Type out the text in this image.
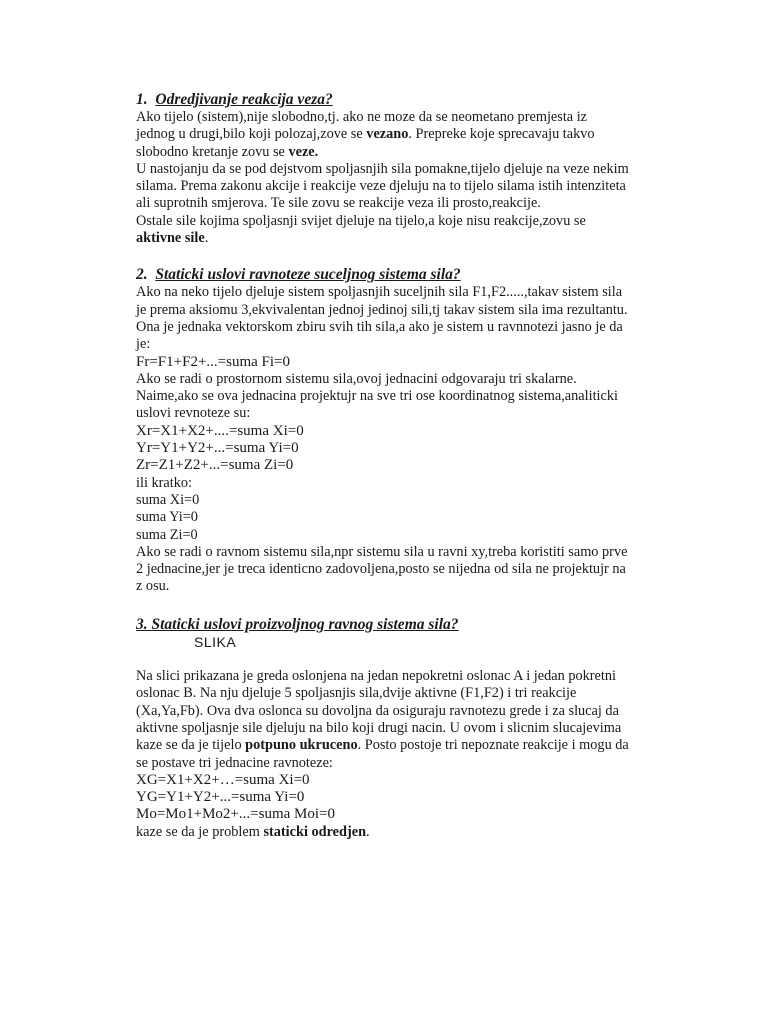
1. Odredjivanje reakcija veza?
Ako tijelo (sistem),nije slobodno,tj. ako ne moze da se neometano premjesta iz
jednog u drugi,bilo koji polozaj,zove se vezano. Prepreke koje sprecavaju takvo
slobodno kretanje zovu se veze.
U nastojanju da se pod dejstvom spoljasnjih sila pomakne,tijelo djeluje na veze nekim
silama. Prema zakonu akcije i reakcije veze djeluju na to tijelo silama istih intenziteta
ali suprotnih smjerova. Te sile zovu se reakcije veza ili prosto,reakcije.
Ostale sile kojima spoljasnji svijet djeluje na tijelo,a koje nisu reakcije,zovu se
aktivne sile.
2. Staticki uslovi ravnoteze suceljnog sistema sila?
Ako na neko tijelo djeluje sistem spoljasnjih suceljnih sila F1,F2.....,takav sistem sila
je prema aksiomu 3,ekvivalentan jednoj jedinoj sili,tj takav sistem sila ima rezultantu.
Ona je jednaka vektorskom zbiru svih tih sila,a ako je sistem u ravnnotezi jasno je da
je:
Fr=F1+F2+...=suma Fi=0
Ako se radi o prostornom sistemu sila,ovoj jednacini odgovaraju tri skalarne.
Naime,ako se ova jednacina projektujr na sve tri ose koordinatnog sistema,analiticki
uslovi revnoteze su:
Xr=X1+X2+....=suma Xi=0
Yr=Y1+Y2+...=suma Yi=0
Zr=Z1+Z2+...=suma Zi=0
ili kratko:
suma Xi=0
suma Yi=0
suma Zi=0
Ako se radi o ravnom sistemu sila,npr sistemu sila u ravni xy,treba koristiti samo prve
2 jednacine,jer je treca identicno zadovoljena,posto se nijedna od sila ne projektujr na
z osu.
3. Staticki uslovi proizvoljnog ravnog sistema sila?
SLIKA
Na slici prikazana je greda oslonjena na jedan nepokretni oslonac A i jedan pokretni
oslonac B. Na nju djeluje 5 spoljasnjis sila,dvije aktivne (F1,F2) i tri reakcije
(Xa,Ya,Fb). Ova dva oslonca su dovoljna da osiguraju ravnotezu grede i za slucaj da
aktivne spoljasnje sile djeluju na bilo koji drugi nacin. U ovom i slicnim slucajevima
kaze se da je tijelo potpuno ukruceno. Posto postoje tri nepoznate reakcije i mogu da
se postave tri jednacine ravnoteze:
XG=X1+X2+…=suma Xi=0
YG=Y1+Y2+...=suma Yi=0
Mo=Mo1+Mo2+...=suma Moi=0
kaze se da je problem staticki odredjen.
